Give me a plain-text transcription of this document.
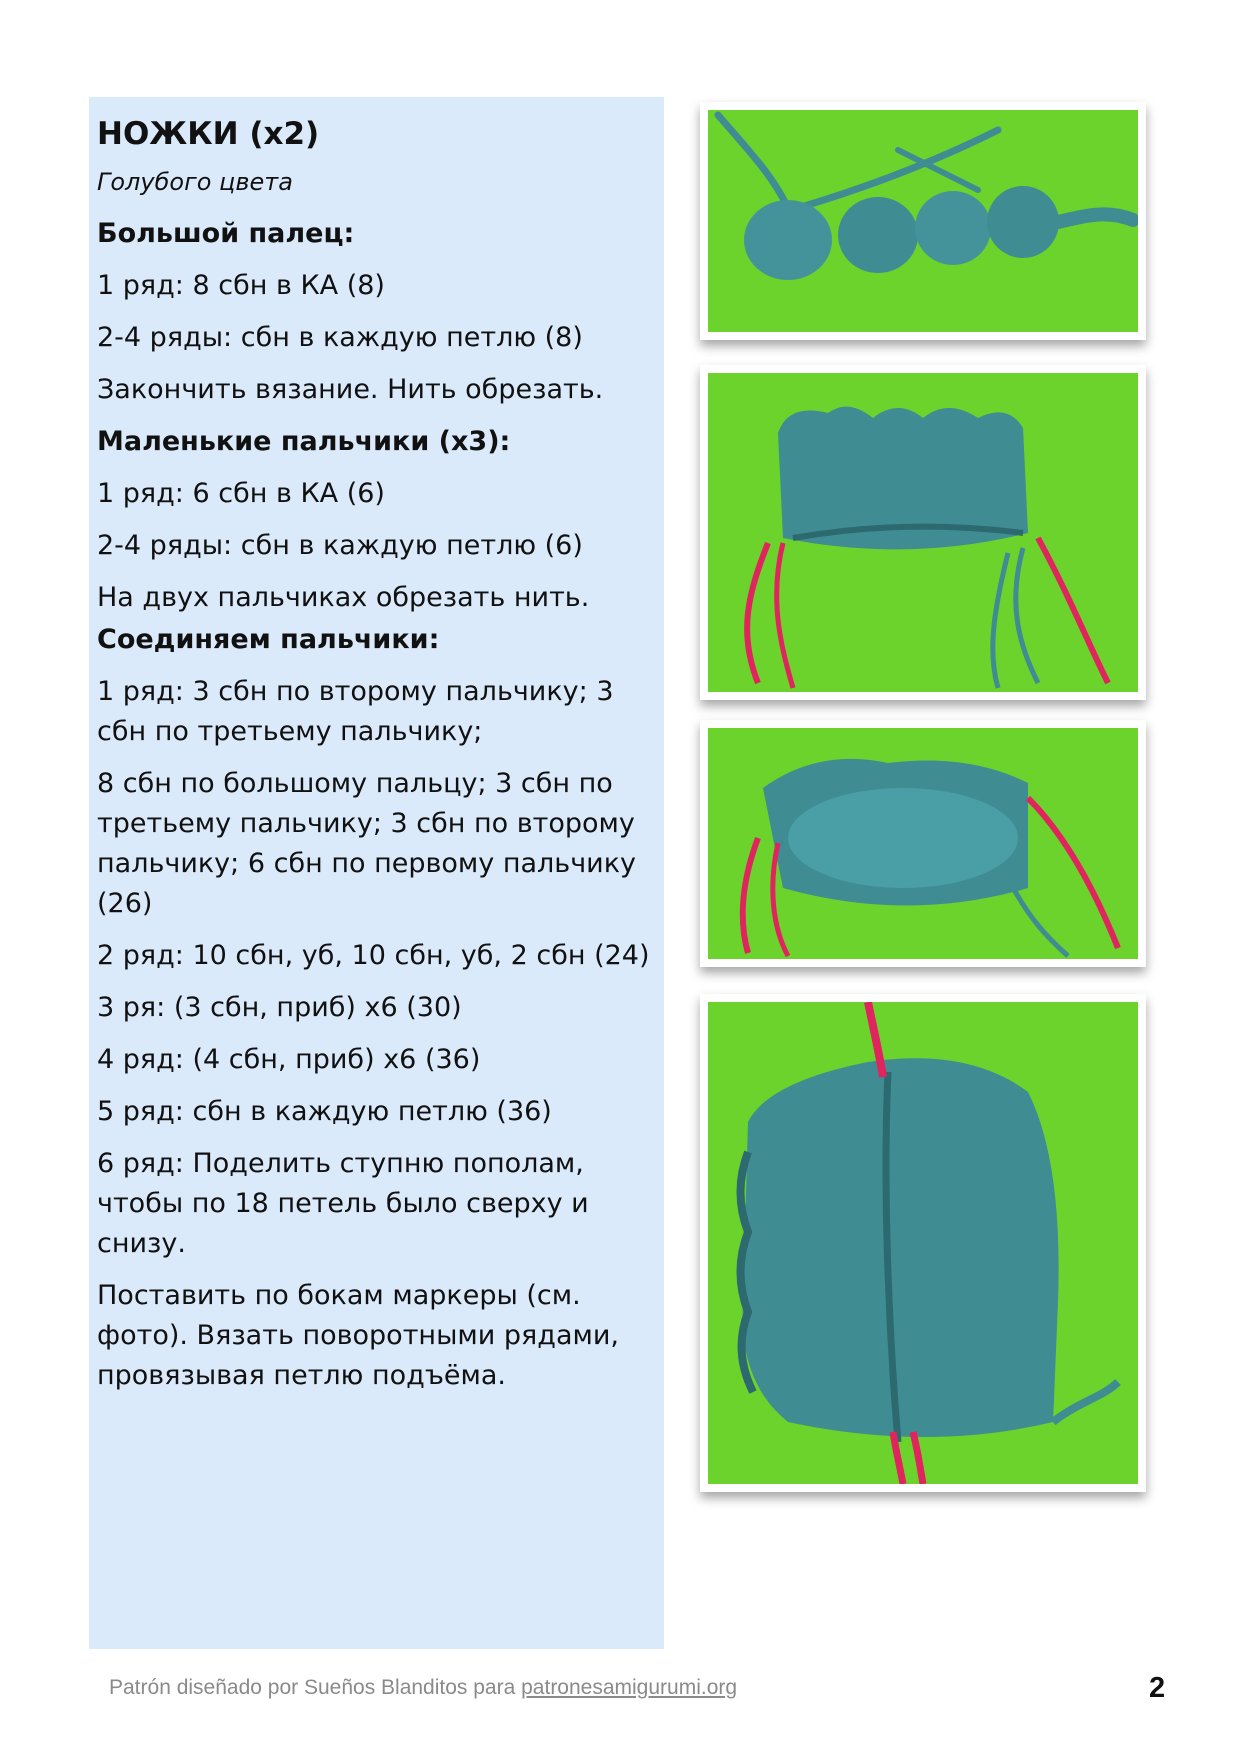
НОЖКИ (х2)

Голубого цвета

Большой палец:

1 ряд: 8 сбн в КА (8)

2-4 ряды: сбн в каждую петлю (8)

Закончить вязание. Нить обрезать.

Маленькие пальчики (х3):

1 ряд: 6 сбн в КА (6)

2-4 ряды: сбн в каждую петлю (6)

На двух пальчиках обрезать нить.

Соединяем пальчики:

1 ряд: 3 сбн по второму пальчику; 3 сбн по третьему пальчику;

8 сбн по большому пальцу; 3 сбн по третьему пальчику; 3 сбн по второму пальчику; 6 сбн по первому пальчику (26)

2 ряд: 10 сбн, уб, 10 сбн, уб, 2 сбн (24)

3 ря: (3 сбн, приб) х6 (30)

4 ряд: (4 сбн, приб) х6 (36)

5 ряд: сбн в каждую петлю (36)

6 ряд: Поделить ступню пополам, чтобы по 18 петель было сверху и снизу.

Поставить по бокам маркеры (см. фото). Вязать поворотными рядами, провязывая петлю подъёма.

Patrón diseñado por Sueños Blanditos para patronesamigurumi.org	2
